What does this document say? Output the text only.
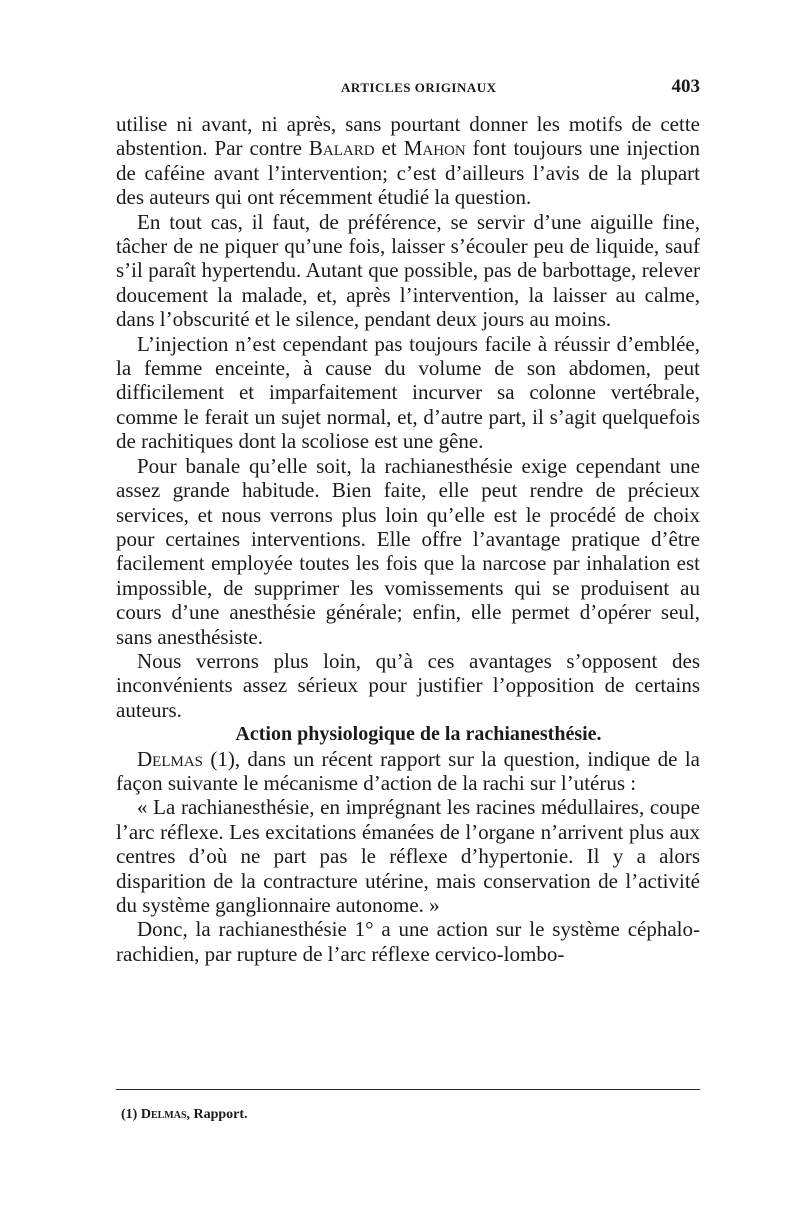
ARTICLES ORIGINAUX	403

utilise ni avant, ni après, sans pourtant donner les motifs de cette abstention. Par contre Balard et Mahon font toujours une injection de caféine avant l’intervention; c’est d’ailleurs l’avis de la plupart des auteurs qui ont récemment étudié la question.

En tout cas, il faut, de préférence, se servir d’une aiguille fine, tâcher de ne piquer qu’une fois, laisser s’écouler peu de liquide, sauf s’il paraît hypertendu. Autant que possible, pas de barbottage, relever doucement la malade, et, après l’intervention, la laisser au calme, dans l’obscurité et le silence, pendant deux jours au moins.

L’injection n’est cependant pas toujours facile à réussir d’emblée, la femme enceinte, à cause du volume de son abdomen, peut difficilement et imparfaitement incurver sa colonne vertébrale, comme le ferait un sujet normal, et, d’autre part, il s’agit quelquefois de rachitiques dont la scoliose est une gêne.

Pour banale qu’elle soit, la rachianesthésie exige cependant une assez grande habitude. Bien faite, elle peut rendre de précieux services, et nous verrons plus loin qu’elle est le procédé de choix pour certaines interventions. Elle offre l’avantage pratique d’être facilement employée toutes les fois que la narcose par inhalation est impossible, de supprimer les vomissements qui se produisent au cours d’une anesthésie générale; enfin, elle permet d’opérer seul, sans anesthésiste.

Nous verrons plus loin, qu’à ces avantages s’opposent des inconvénients assez sérieux pour justifier l’opposition de certains auteurs.

Action physiologique de la rachianesthésie.

Delmas (1), dans un récent rapport sur la question, indique de la façon suivante le mécanisme d’action de la rachi sur l’utérus :

« La rachianesthésie, en imprégnant les racines médullaires, coupe l’arc réflexe. Les excitations émanées de l’organe n’arrivent plus aux centres d’où ne part pas le réflexe d’hypertonie. Il y a alors disparition de la contracture utérine, mais conservation de l’activité du système ganglionnaire autonome. »

Donc, la rachianesthésie 1° a une action sur le système céphalo-rachidien, par rupture de l’arc réflexe cervico-lombo-

(1) Delmas, Rapport.
